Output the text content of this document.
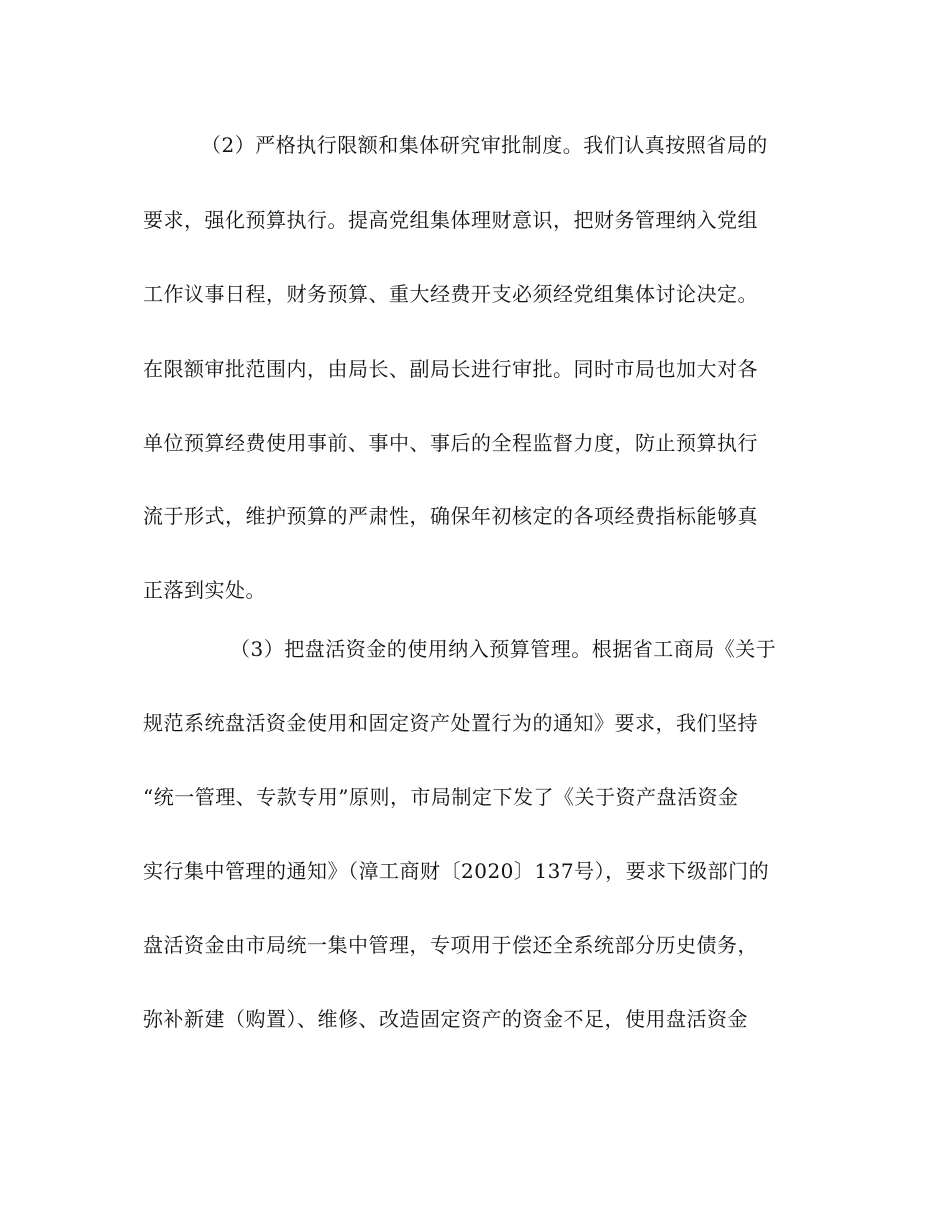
（2）严格执行限额和集体研究审批制度。我们认真按照省局的
要求，强化预算执行。提高党组集体理财意识，把财务管理纳入党组
工作议事日程，财务预算、重大经费开支必须经党组集体讨论决定。
在限额审批范围内，由局长、副局长进行审批。同时市局也加大对各
单位预算经费使用事前、事中、事后的全程监督力度，防止预算执行
流于形式，维护预算的严肃性，确保年初核定的各项经费指标能够真
正落到实处。
（3）把盘活资金的使用纳入预算管理。根据省工商局《关于
规范系统盘活资金使用和固定资产处置行为的通知》要求，我们坚持
“统一管理、专款专用”原则，市局制定下发了《关于资产盘活资金
实行集中管理的通知》（漳工商财〔2020〕137号），要求下级部门的
盘活资金由市局统一集中管理，专项用于偿还全系统部分历史债务，
弥补新建（购置）、维修、改造固定资产的资金不足，使用盘活资金
